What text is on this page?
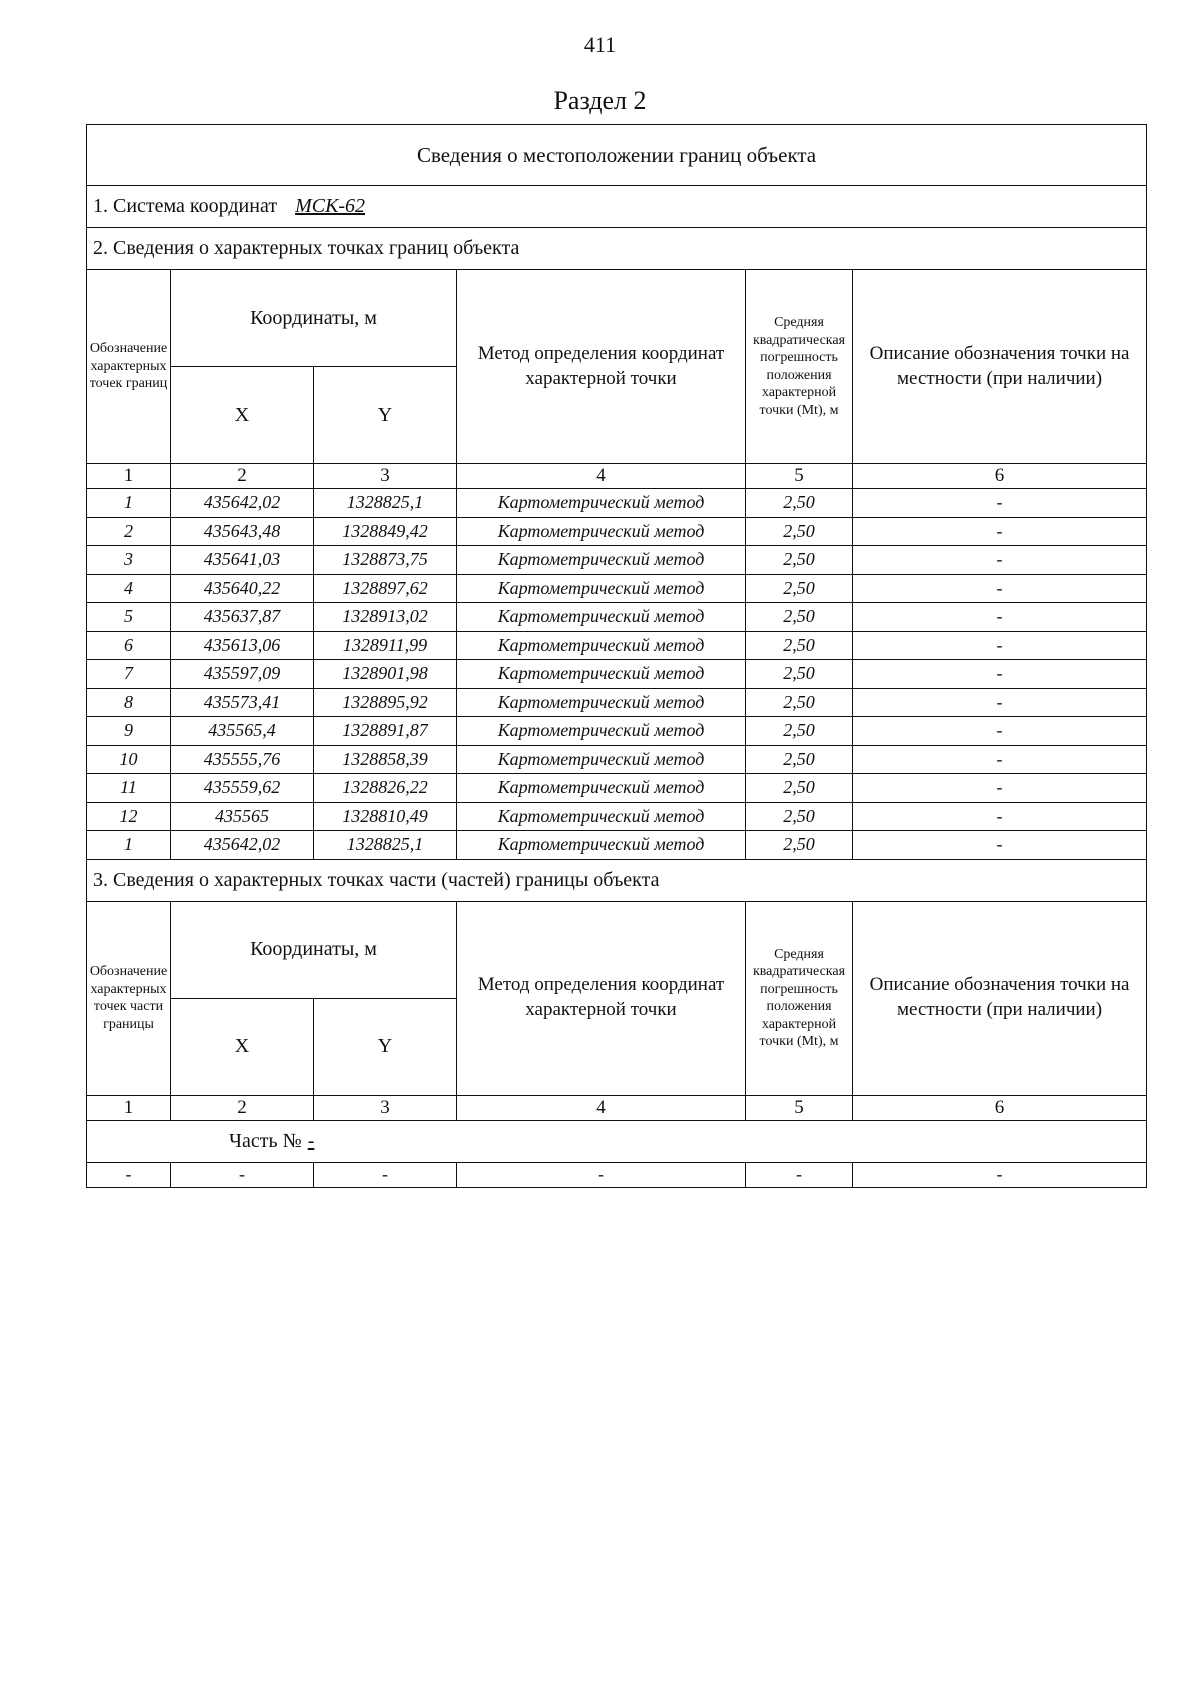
411
Раздел 2
Сведения о местоположении границ объекта					
1. Система координат МСК-62					
2. Сведения о характерных точках границ объекта					
Обозначение характерных точек границ	Координаты, м		Метод определения координат характерной точки	Средняя квадратическая погрешность положения характерной точки (Mt), м	Описание обозначения точки на местности (при наличии)
	X	Y			
1	2	3	4	5	6
1	435642,02	1328825,1	Картометрический метод	2,50	-
2	435643,48	1328849,42	Картометрический метод	2,50	-
3	435641,03	1328873,75	Картометрический метод	2,50	-
4	435640,22	1328897,62	Картометрический метод	2,50	-
5	435637,87	1328913,02	Картометрический метод	2,50	-
6	435613,06	1328911,99	Картометрический метод	2,50	-
7	435597,09	1328901,98	Картометрический метод	2,50	-
8	435573,41	1328895,92	Картометрический метод	2,50	-
9	435565,4	1328891,87	Картометрический метод	2,50	-
10	435555,76	1328858,39	Картометрический метод	2,50	-
11	435559,62	1328826,22	Картометрический метод	2,50	-
12	435565	1328810,49	Картометрический метод	2,50	-
1	435642,02	1328825,1	Картометрический метод	2,50	-
3. Сведения о характерных точках части (частей) границы объекта					
Обозначение характерных точек части границы	Координаты, м		Метод определения координат характерной точки	Средняя квадратическая погрешность положения характерной точки (Mt), м	Описание обозначения точки на местности (при наличии)
	X	Y			
1	2	3	4	5	6
Часть № -					
-	-	-	-	-	-
